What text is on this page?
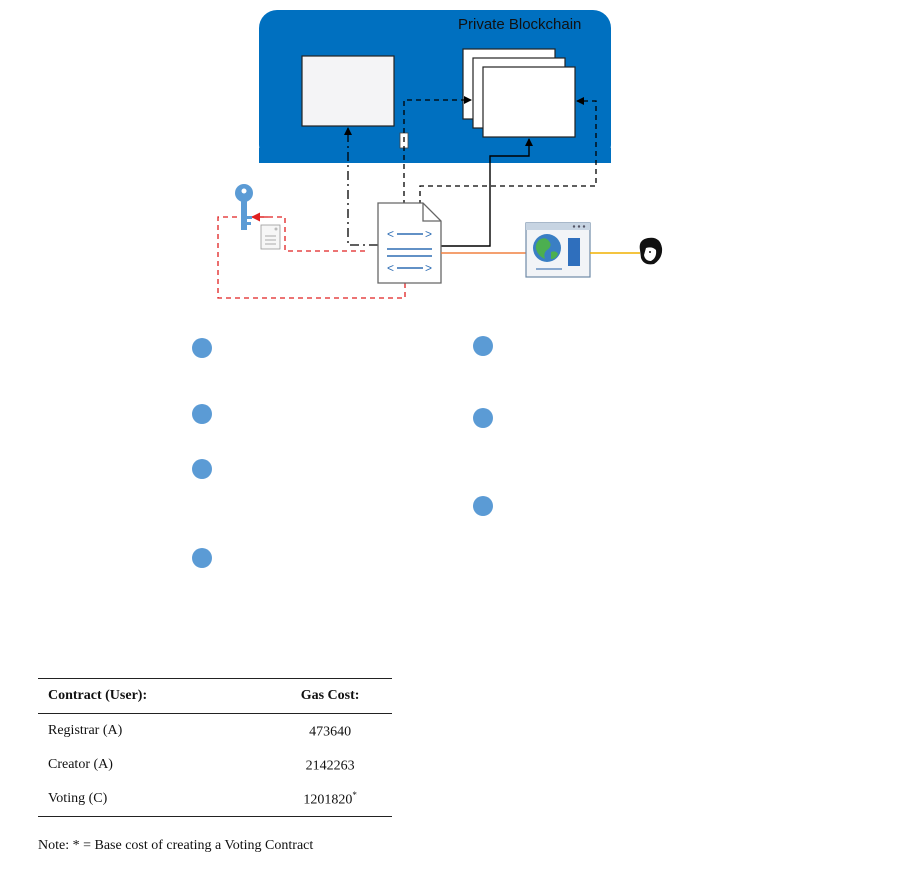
<	>
<	>
Private Blockchain
Contract (User):	Gas Cost:
Registrar (A)	473640
Creator (A)	2142263
Voting (C)	1201820*
Note: * = Base cost of creating a Voting Contract
